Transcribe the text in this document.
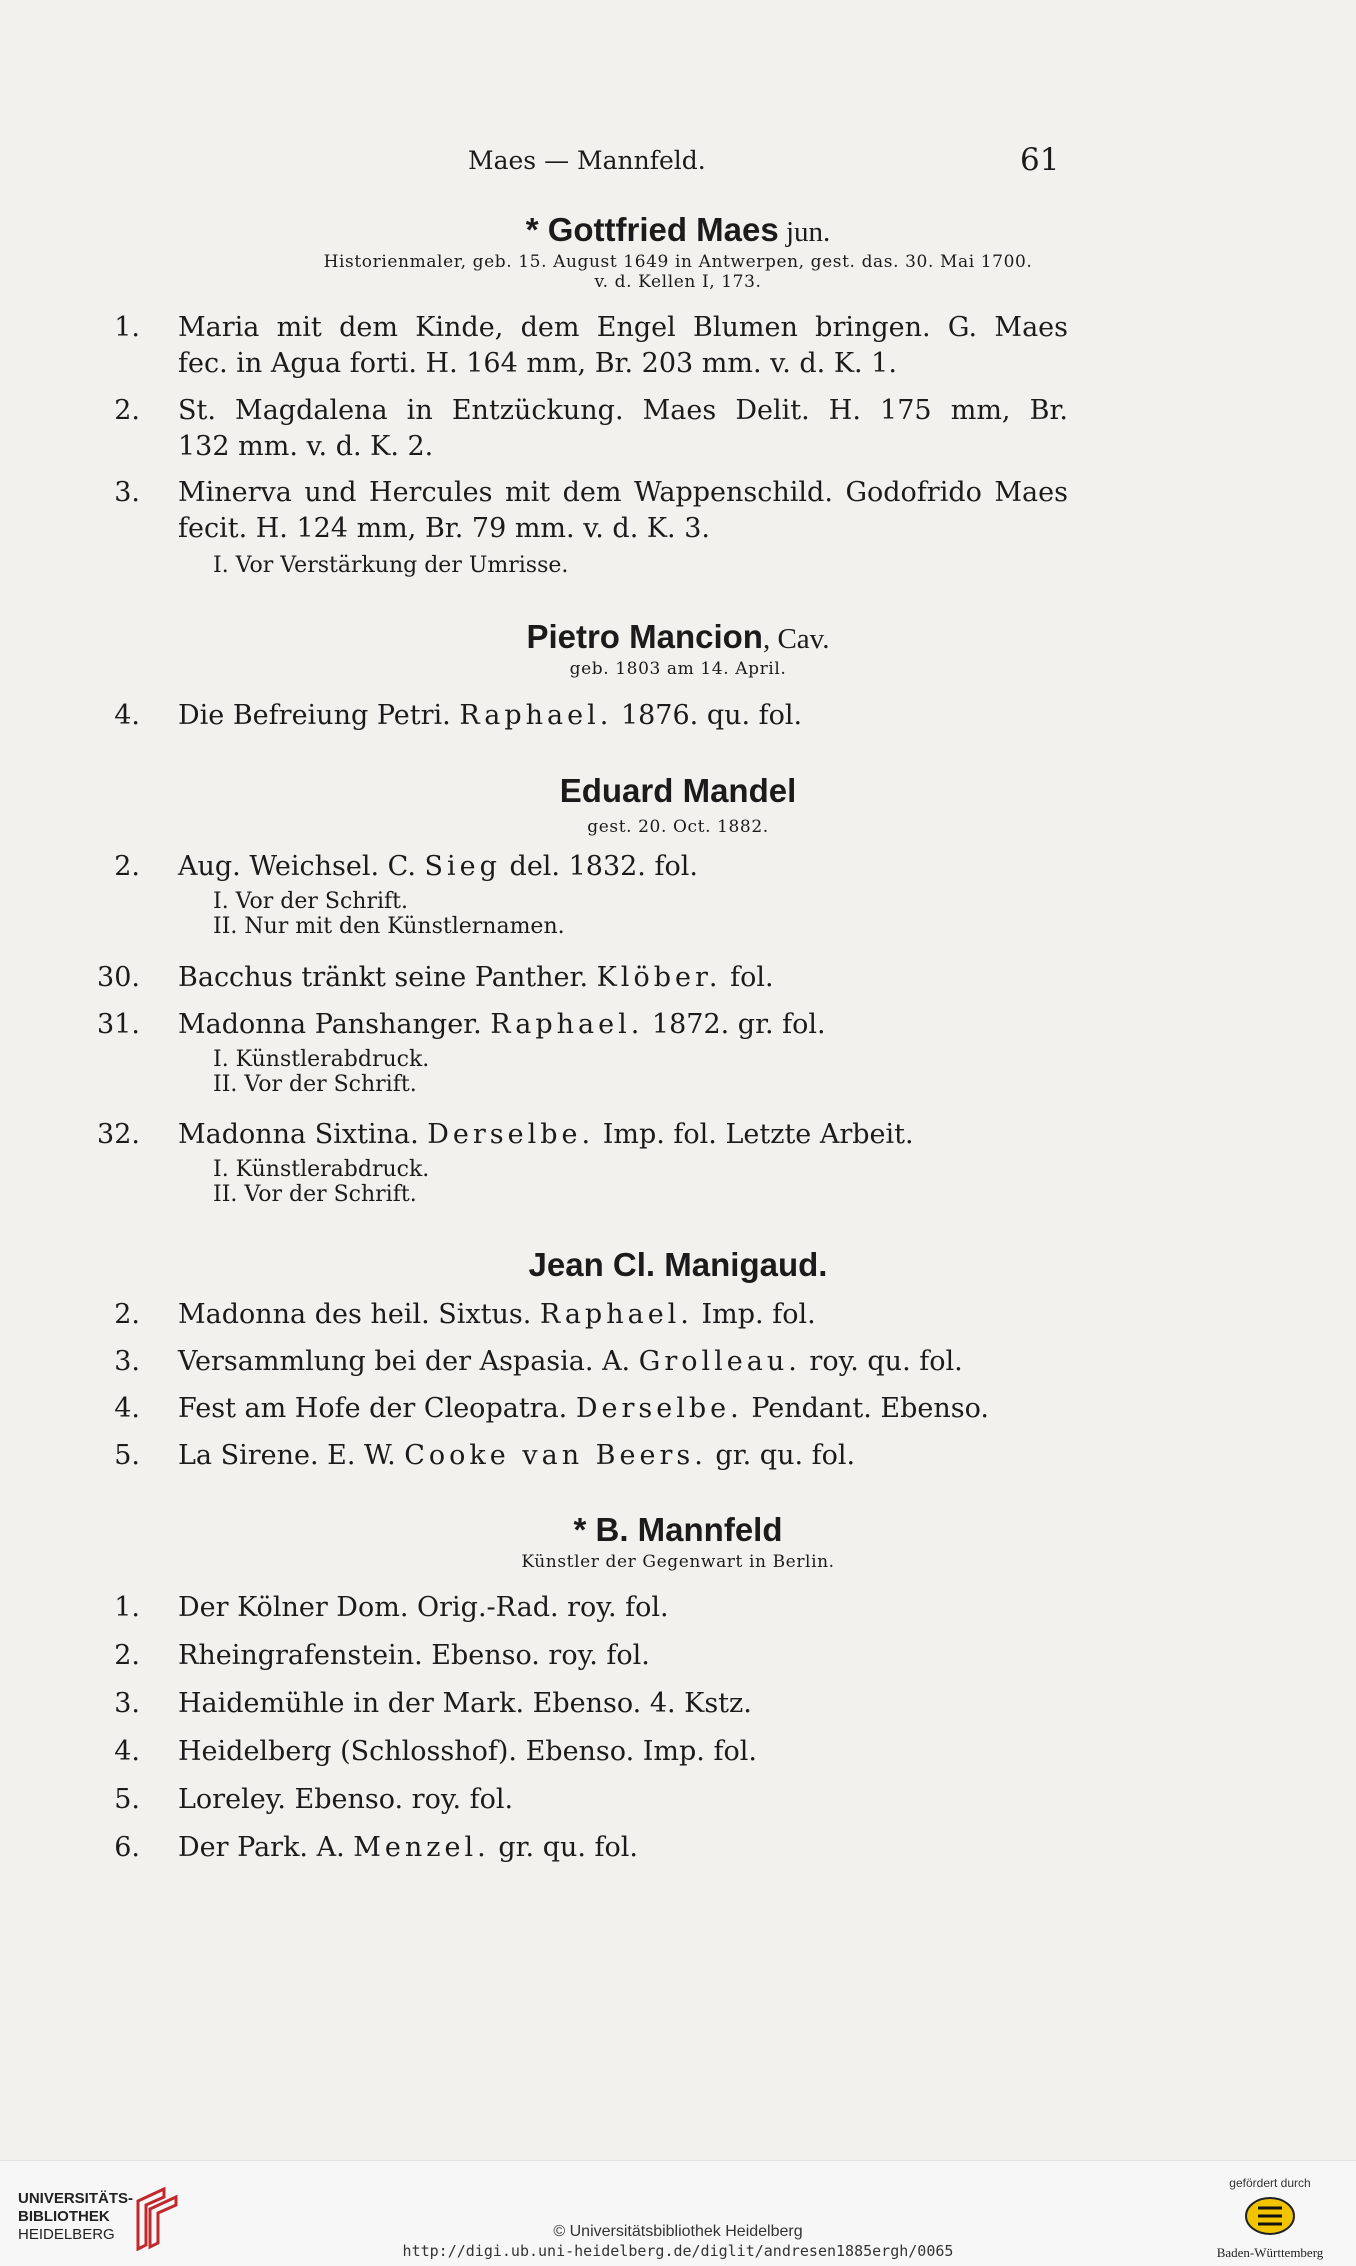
Maes — Mannfeld.	61
* Gottfried Maes jun.
Historienmaler, geb. 15. August 1649 in Antwerpen, gest. das. 30. Mai 1700.
v. d. Kellen I, 173.
1. Maria mit dem Kinde, dem Engel Blumen bringen. G. Maes
fec. in Agua forti. H. 164 mm, Br. 203 mm. v. d. K. 1.
2. St. Magdalena in Entzückung. Maes Delit. H. 175 mm, Br.
132 mm. v. d. K. 2.
3. Minerva und Hercules mit dem Wappenschild. Godofrido Maes
fecit. H. 124 mm, Br. 79 mm. v. d. K. 3.
I. Vor Verstärkung der Umrisse.
Pietro Mancion, Cav.
geb. 1803 am 14. April.
4. Die Befreiung Petri. Raphael. 1876. qu. fol.
Eduard Mandel
gest. 20. Oct. 1882.
2. Aug. Weichsel. C. Sieg del. 1832. fol.
I. Vor der Schrift.
II. Nur mit den Künstlernamen.
30. Bacchus tränkt seine Panther. Klöber. fol.
31. Madonna Panshanger. Raphael. 1872. gr. fol.
I. Künstlerabdruck.
II. Vor der Schrift.
32. Madonna Sixtina. Derselbe. Imp. fol. Letzte Arbeit.
I. Künstlerabdruck.
II. Vor der Schrift.
Jean Cl. Manigaud.
2. Madonna des heil. Sixtus. Raphael. Imp. fol.
3. Versammlung bei der Aspasia. A. Grolleau. roy. qu. fol.
4. Fest am Hofe der Cleopatra. Derselbe. Pendant. Ebenso.
5. La Sirene. E. W. Cooke van Beers. gr. qu. fol.
* B. Mannfeld
Künstler der Gegenwart in Berlin.
1. Der Kölner Dom. Orig.-Rad. roy. fol.
2. Rheingrafenstein. Ebenso. roy. fol.
3. Haidemühle in der Mark. Ebenso. 4. Kstz.
4. Heidelberg (Schlosshof). Ebenso. Imp. fol.
5. Loreley. Ebenso. roy. fol.
6. Der Park. A. Menzel. gr. qu. fol.
UNIVERSITÄTS-
BIBLIOTHEK
HEIDELBERG	© Universitätsbibliothek Heidelberg
http://digi.ub.uni-heidelberg.de/diglit/andresen1885ergh/0065
gefördert durch
Baden-Württemberg
